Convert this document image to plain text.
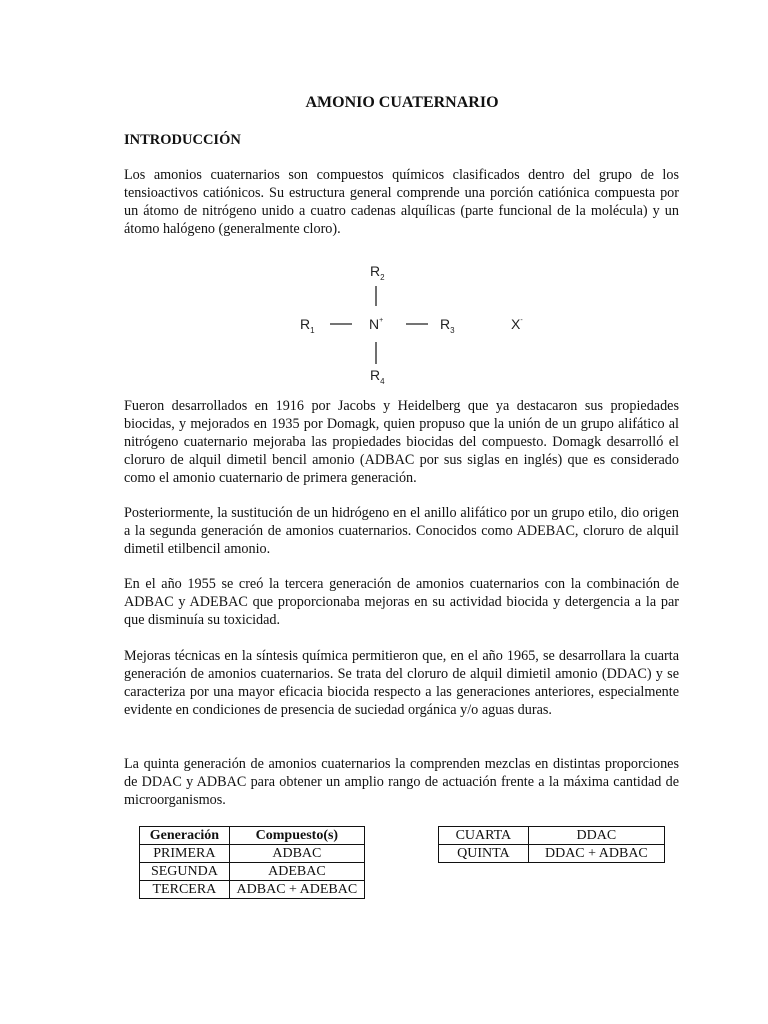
AMONIO CUATERNARIO
INTRODUCCIÓN

Los amonios cuaternarios son compuestos químicos clasificados dentro del grupo de los tensioactivos catiónicos. Su estructura general comprende una porción catiónica compuesta por un átomo de nitrógeno unido a cuatro cadenas alquílicas (parte funcional de la molécula) y un átomo halógeno (generalmente cloro).

$R_2$
$R_1$	N+	$R_3$	X-
$R_4$

Fueron desarrollados en 1916 por Jacobs y Heidelberg que ya destacaron sus propiedades biocidas, y mejorados en 1935 por Domagk, quien propuso que la unión de un grupo alifático al nitrógeno cuaternario mejoraba las propiedades biocidas del compuesto. Domagk desarrolló el cloruro de alquil dimetil bencil amonio (ADBAC por sus siglas en inglés) que es considerado como el amonio cuaternario de primera generación.

Posteriormente, la sustitución de un hidrógeno en el anillo alifático por un grupo etilo, dio origen a la segunda generación de amonios cuaternarios. Conocidos como ADEBAC, cloruro de alquil dimetil etilbencil amonio.

En el año 1955 se creó la tercera generación de amonios cuaternarios con la combinación de ADBAC y ADEBAC que proporcionaba mejoras en su actividad biocida y detergencia a la par que disminuía su toxicidad.

Mejoras técnicas en la síntesis química permitieron que, en el año 1965, se desarrollara la cuarta generación de amonios cuaternarios. Se trata del cloruro de alquil dimietil amonio (DDAC) y se caracteriza por una mayor eficacia biocida respecto a las generaciones anteriores, especialmente evidente en condiciones de presencia de suciedad orgánica y/o aguas duras.

La quinta generación de amonios cuaternarios la comprenden mezclas en distintas proporciones de DDAC y ADBAC para obtener un amplio rango de actuación frente a la máxima cantidad de microorganismos.

Generación	Compuesto(s)
PRIMERA	ADBAC
SEGUNDA	ADEBAC
TERCERA	ADBAC + ADEBAC
CUARTA	DDAC
QUINTA	DDAC + ADBAC
